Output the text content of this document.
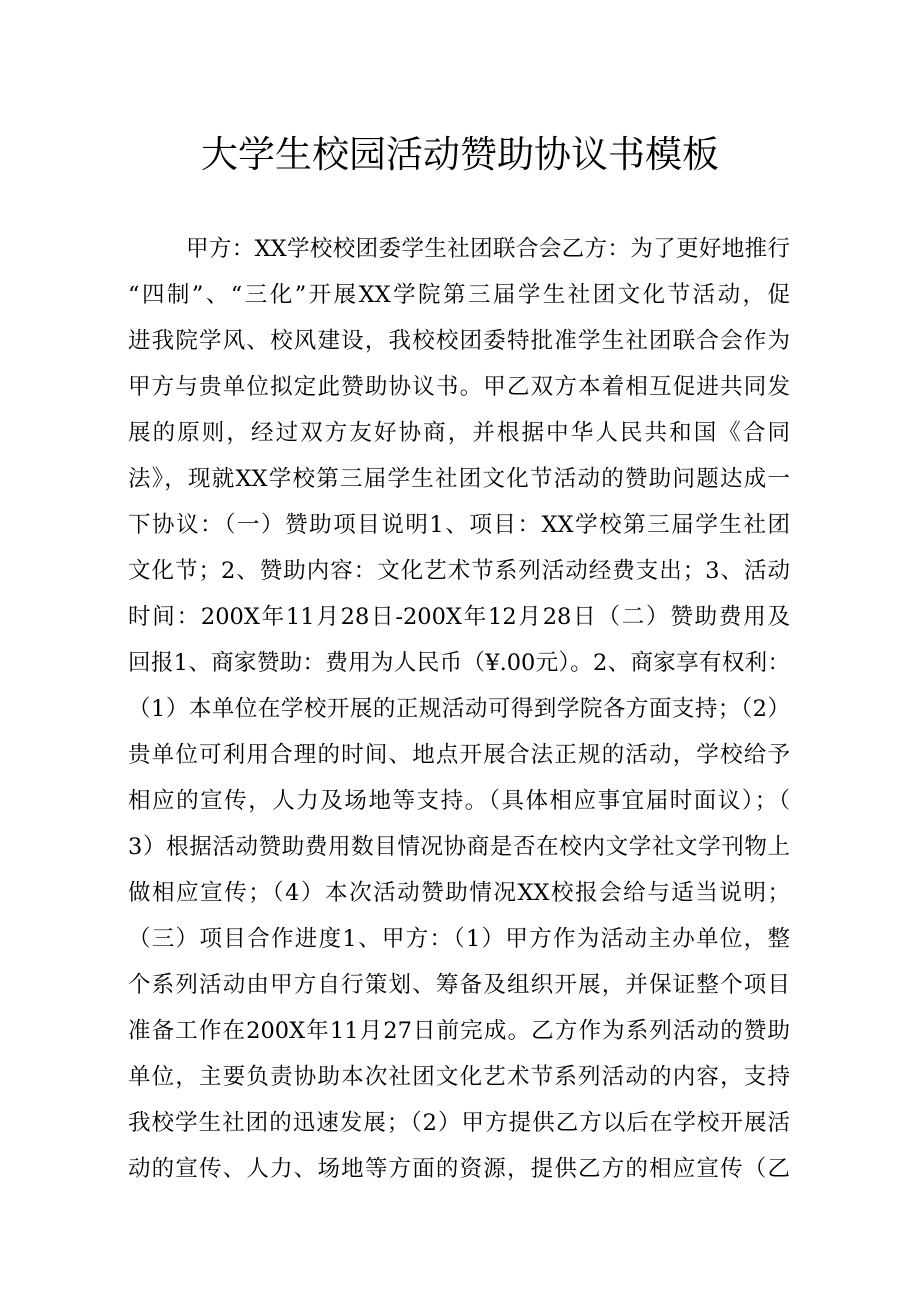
大学生校园活动赞助协议书模板
甲方：XX学校校团委学生社团联合会乙方：为了更好地推行
“四制”、“三化”开展XX学院第三届学生社团文化节活动，促
进我院学风、校风建设，我校校团委特批准学生社团联合会作为
甲方与贵单位拟定此赞助协议书。甲乙双方本着相互促进共同发
展的原则，经过双方友好协商，并根据中华人民共和国《合同
法》，现就XX学校第三届学生社团文化节活动的赞助问题达成一
下协议：（一）赞助项目说明1、项目：XX学校第三届学生社团
文化节；2、赞助内容：文化艺术节系列活动经费支出；3、活动
时间：200X年11月28日-200X年12月28日（二）赞助费用及
回报1、商家赞助：费用为人民币（¥.00元）。2、商家享有权利：
（1）本单位在学校开展的正规活动可得到学院各方面支持；（2）
贵单位可利用合理的时间、地点开展合法正规的活动，学校给予
相应的宣传，人力及场地等支持。（具体相应事宜届时面议）；（
3）根据活动赞助费用数目情况协商是否在校内文学社文学刊物上
做相应宣传；（4）本次活动赞助情况XX校报会给与适当说明；
（三）项目合作进度1、甲方：（1）甲方作为活动主办单位，整
个系列活动由甲方自行策划、筹备及组织开展，并保证整个项目
准备工作在200X年11月27日前完成。乙方作为系列活动的赞助
单位，主要负责协助本次社团文化艺术节系列活动的内容，支持
我校学生社团的迅速发展；（2）甲方提供乙方以后在学校开展活
动的宣传、人力、场地等方面的资源，提供乙方的相应宣传（乙
